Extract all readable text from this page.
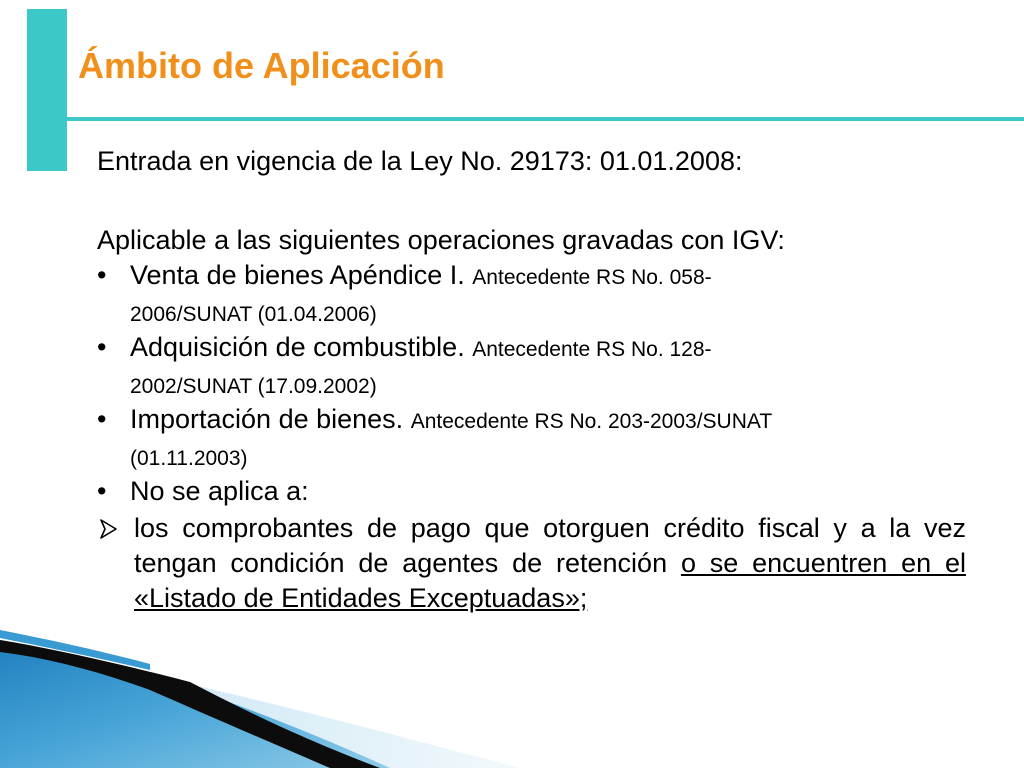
Ámbito de Aplicación

Entrada en vigencia de la Ley No. 29173: 01.01.2008:

Aplicable a las siguientes operaciones gravadas con IGV:

• Venta de bienes Apéndice I. Antecedente RS No. 058-
2006/SUNAT (01.04.2006)
• Adquisición de combustible. Antecedente RS No. 128-
2002/SUNAT (17.09.2002)
• Importación de bienes. Antecedente RS No. 203-2003/SUNAT
(01.11.2003)
• No se aplica a:
los comprobantes de pago que otorguen crédito fiscal y a la vez tengan condición de agentes de retención o se encuentren en el «Listado de Entidades Exceptuadas»;
